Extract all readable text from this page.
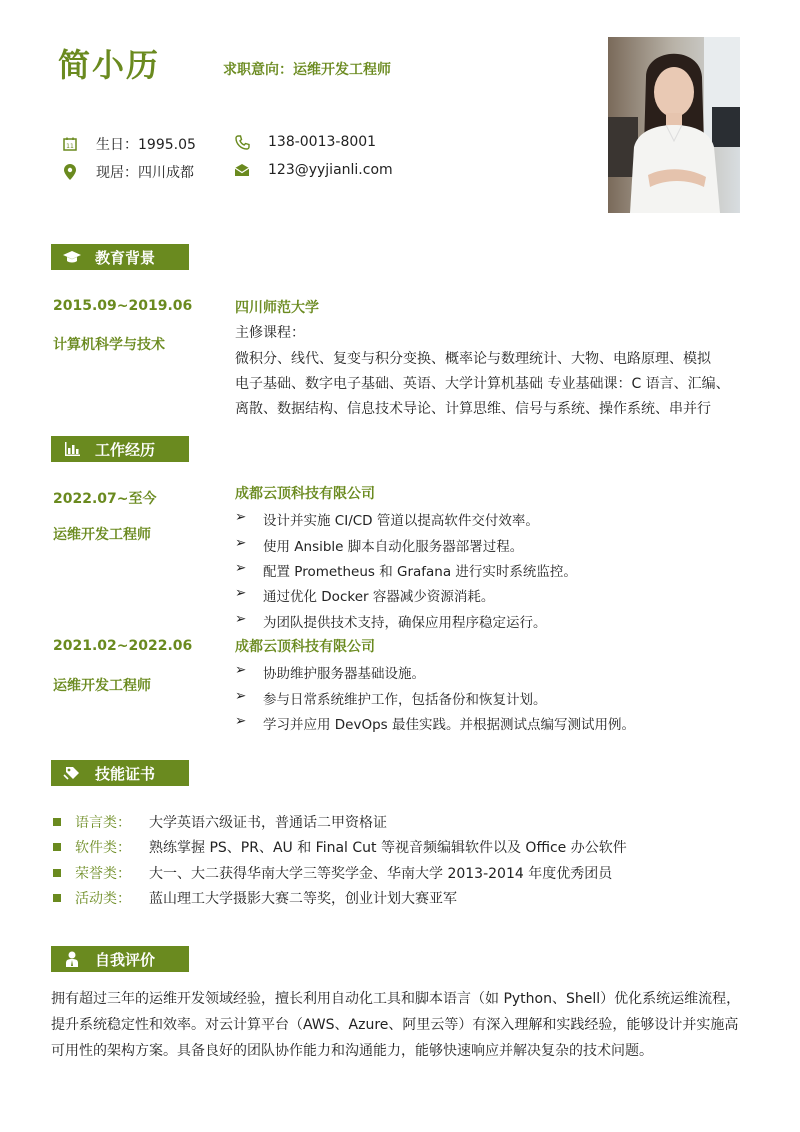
简小历	求职意向：运维开发工程师
11 生日：1995.05
现居：四川成都
138-0013-8001
123@yyjianli.com
教育背景
2015.09~2019.06
计算机科学与技术
四川师范大学
主修课程：
微积分、线代、复变与积分变换、概率论与数理统计、大物、电路原理、模拟
电子基础、数字电子基础、英语、大学计算机基础 专业基础课：C 语言、汇编、
离散、数据结构、信息技术导论、计算思维、信号与系统、操作系统、串并行
工作经历
2022.07~至今
运维开发工程师
成都云顶科技有限公司
➢	设计并实施 CI/CD 管道以提高软件交付效率。
➢	使用 Ansible 脚本自动化服务器部署过程。
➢	配置 Prometheus 和 Grafana 进行实时系统监控。
➢	通过优化 Docker 容器减少资源消耗。
➢	为团队提供技术支持，确保应用程序稳定运行。
2021.02~2022.06
运维开发工程师
成都云顶科技有限公司
➢	协助维护服务器基础设施。
➢	参与日常系统维护工作，包括备份和恢复计划。
➢	学习并应用 DevOps 最佳实践。并根据测试点编写测试用例。
技能证书
语言类：	大学英语六级证书，普通话二甲资格证
软件类：	熟练掌握 PS、PR、AU 和 Final Cut 等视音频编辑软件以及 Office 办公软件
荣誉类：	大一、大二获得华南大学三等奖学金、华南大学 2013-2014 年度优秀团员
活动类：	蓝山理工大学摄影大赛二等奖，创业计划大赛亚军
自我评价
拥有超过三年的运维开发领域经验，擅长利用自动化工具和脚本语言（如 Python、Shell）优化系统运维流程，
提升系统稳定性和效率。对云计算平台（AWS、Azure、阿里云等）有深入理解和实践经验，能够设计并实施高
可用性的架构方案。具备良好的团队协作能力和沟通能力，能够快速响应并解决复杂的技术问题。
